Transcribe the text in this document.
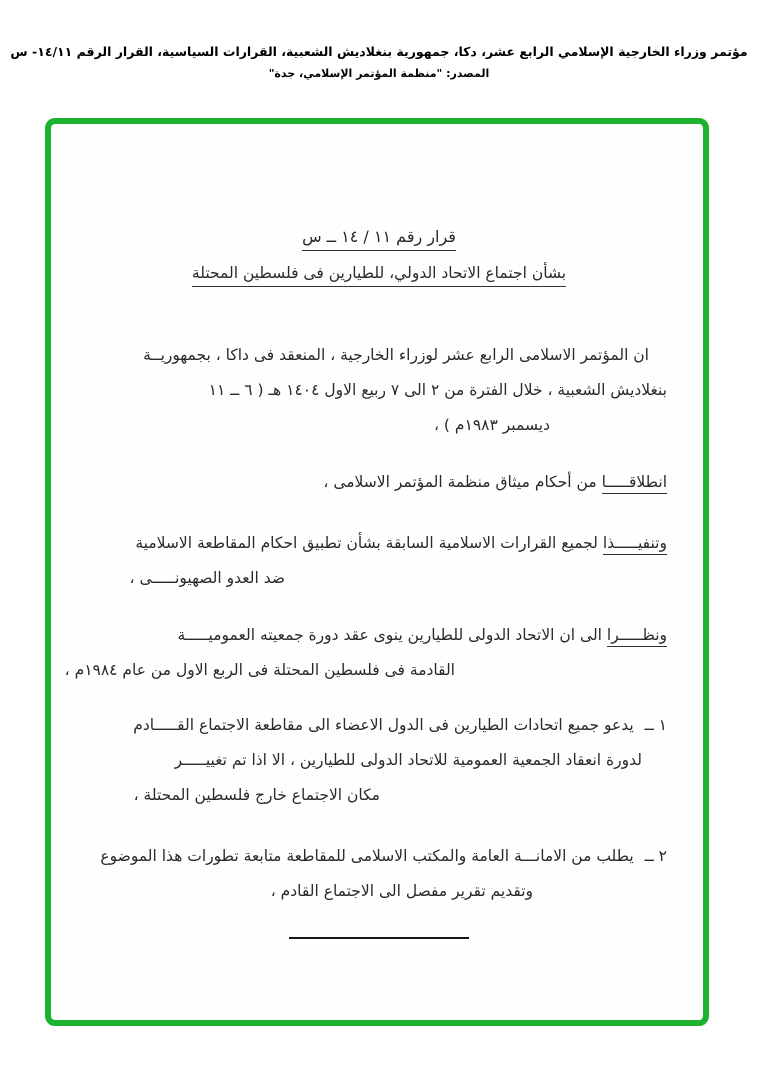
مؤتمر وزراء الخارجية الإسلامي الرابع عشر، دكا، جمهورية بنغلاديش الشعبية، القرارات السياسية، القرار الرقم ١٤/١١- س
المصدر: "منظمة المؤتمر الإسلامي، جدة"
قرار رقم ١١ / ١٤ ــ س
بشأن اجتماع الاتحاد الدولي، للطيارين فى فلسطين المحتلة
ان المؤتمر الاسلامى الرابع عشر لوزراء الخارجية ، المنعقد فى داكا ، بجمهوريــة
بنغلاديش الشعبية ، خلال الفترة من ٢ الى ٧ ربيع الاول ١٤٠٤ هـ ( ٦ ــ ١١
ديسمبر ١٩٨٣م ) ،
انطلاقـــــا من أحكام ميثاق منظمة المؤتمر الاسلامى ،
وتنفيـــــذا لجميع القرارات الاسلامية السابقة بشأن تطبيق احكام المقاطعة الاسلامية
ضد العدو الصهيونـــــى ،
ونظـــــرا الى ان الاتحاد الدولى للطيارين ينوى عقد دورة جمعيته العموميـــــة
القادمة فى فلسطين المحتلة فى الربع الاول من عام ١٩٨٤م ،
١ ــ يدعو جميع اتحادات الطيارين فى الدول الاعضاء الى مقاطعة الاجتماع القـــــادم
لدورة انعقاد الجمعية العمومية للاتحاد الدولى للطيارين ، الا اذا تم تغييـــــر
مكان الاجتماع خارج فلسطين المحتلة ،
٢ ــ يطلب من الامانـــة العامة والمكتب الاسلامى للمقاطعة متابعة تطورات هذا الموضوع
وتقديم تقرير مفصل الى الاجتماع القادم ،
